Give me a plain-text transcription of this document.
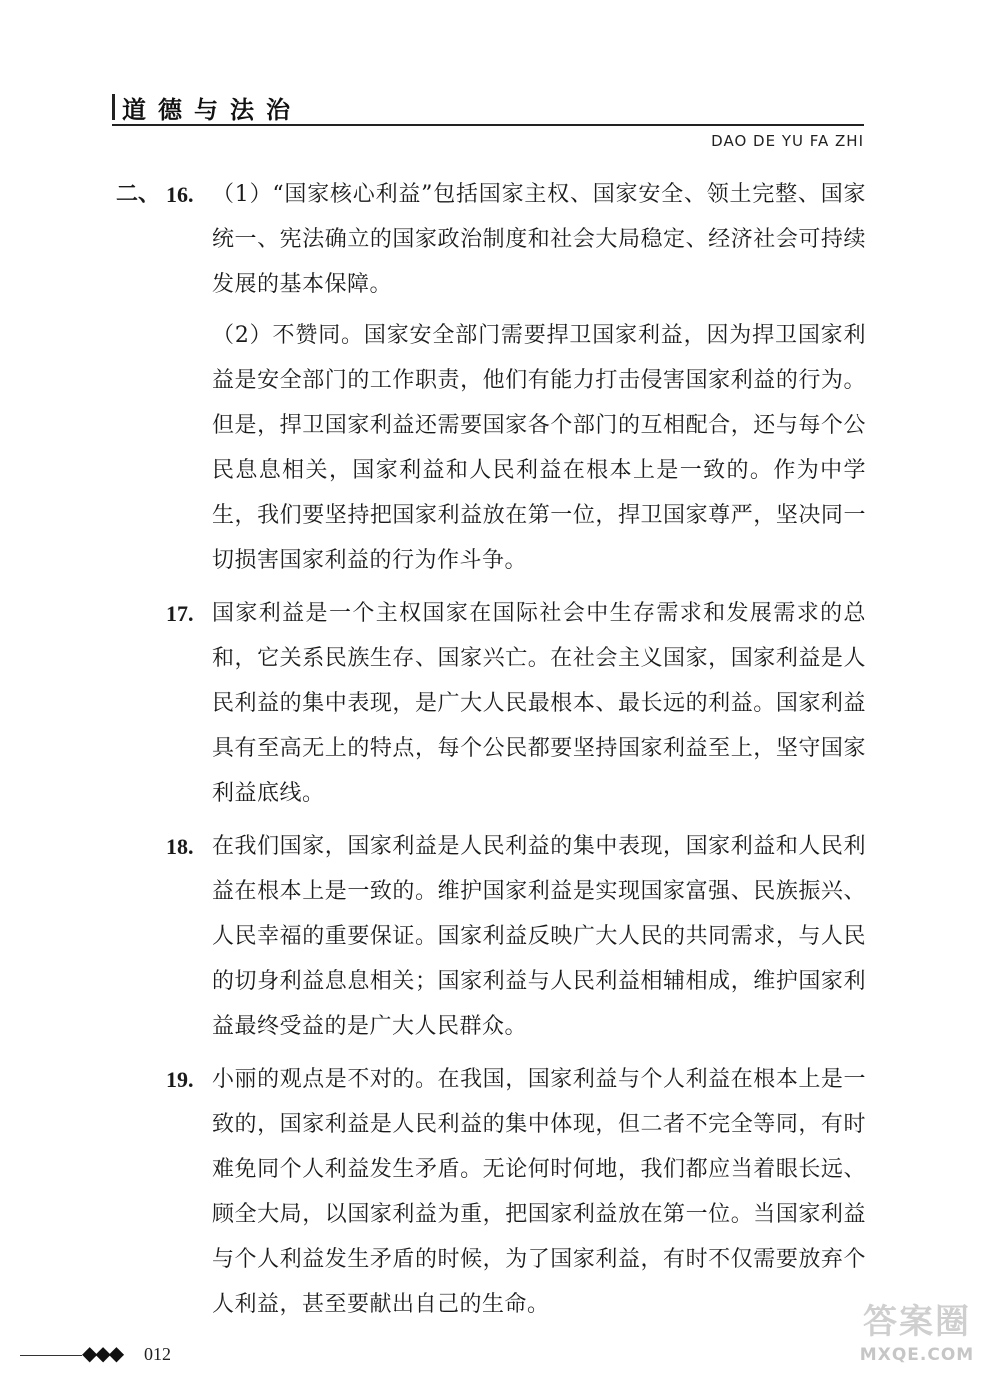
道德与法治
DAO DE YU FA ZHI
二、 16. （1）“国家核心利益”包括国家主权、国家安全、领土完整、国家统一、宪法确立的国家政治制度和社会大局稳定、经济社会可持续发展的基本保障。

（2）不赞同。国家安全部门需要捍卫国家利益，因为捍卫国家利益是安全部门的工作职责，他们有能力打击侵害国家利益的行为。但是，捍卫国家利益还需要国家各个部门的互相配合，还与每个公民息息相关，国家利益和人民利益在根本上是一致的。作为中学生，我们要坚持把国家利益放在第一位，捍卫国家尊严，坚决同一切损害国家利益的行为作斗争。

17. 国家利益是一个主权国家在国际社会中生存需求和发展需求的总和，它关系民族生存、国家兴亡。在社会主义国家，国家利益是人民利益的集中表现，是广大人民最根本、最长远的利益。国家利益具有至高无上的特点，每个公民都要坚持国家利益至上，坚守国家利益底线。

18. 在我们国家，国家利益是人民利益的集中表现，国家利益和人民利益在根本上是一致的。维护国家利益是实现国家富强、民族振兴、人民幸福的重要保证。国家利益反映广大人民的共同需求，与人民的切身利益息息相关；国家利益与人民利益相辅相成，维护国家利益最终受益的是广大人民群众。

19. 小丽的观点是不对的。在我国，国家利益与个人利益在根本上是一致的，国家利益是人民利益的集中体现，但二者不完全等同，有时难免同个人利益发生矛盾。无论何时何地，我们都应当着眼长远、顾全大局，以国家利益为重，把国家利益放在第一位。当国家利益与个人利益发生矛盾的时候，为了国家利益，有时不仅需要放弃个人利益，甚至要献出自己的生命。

◆◆◆ 012
答案圈
MXQE.COM
